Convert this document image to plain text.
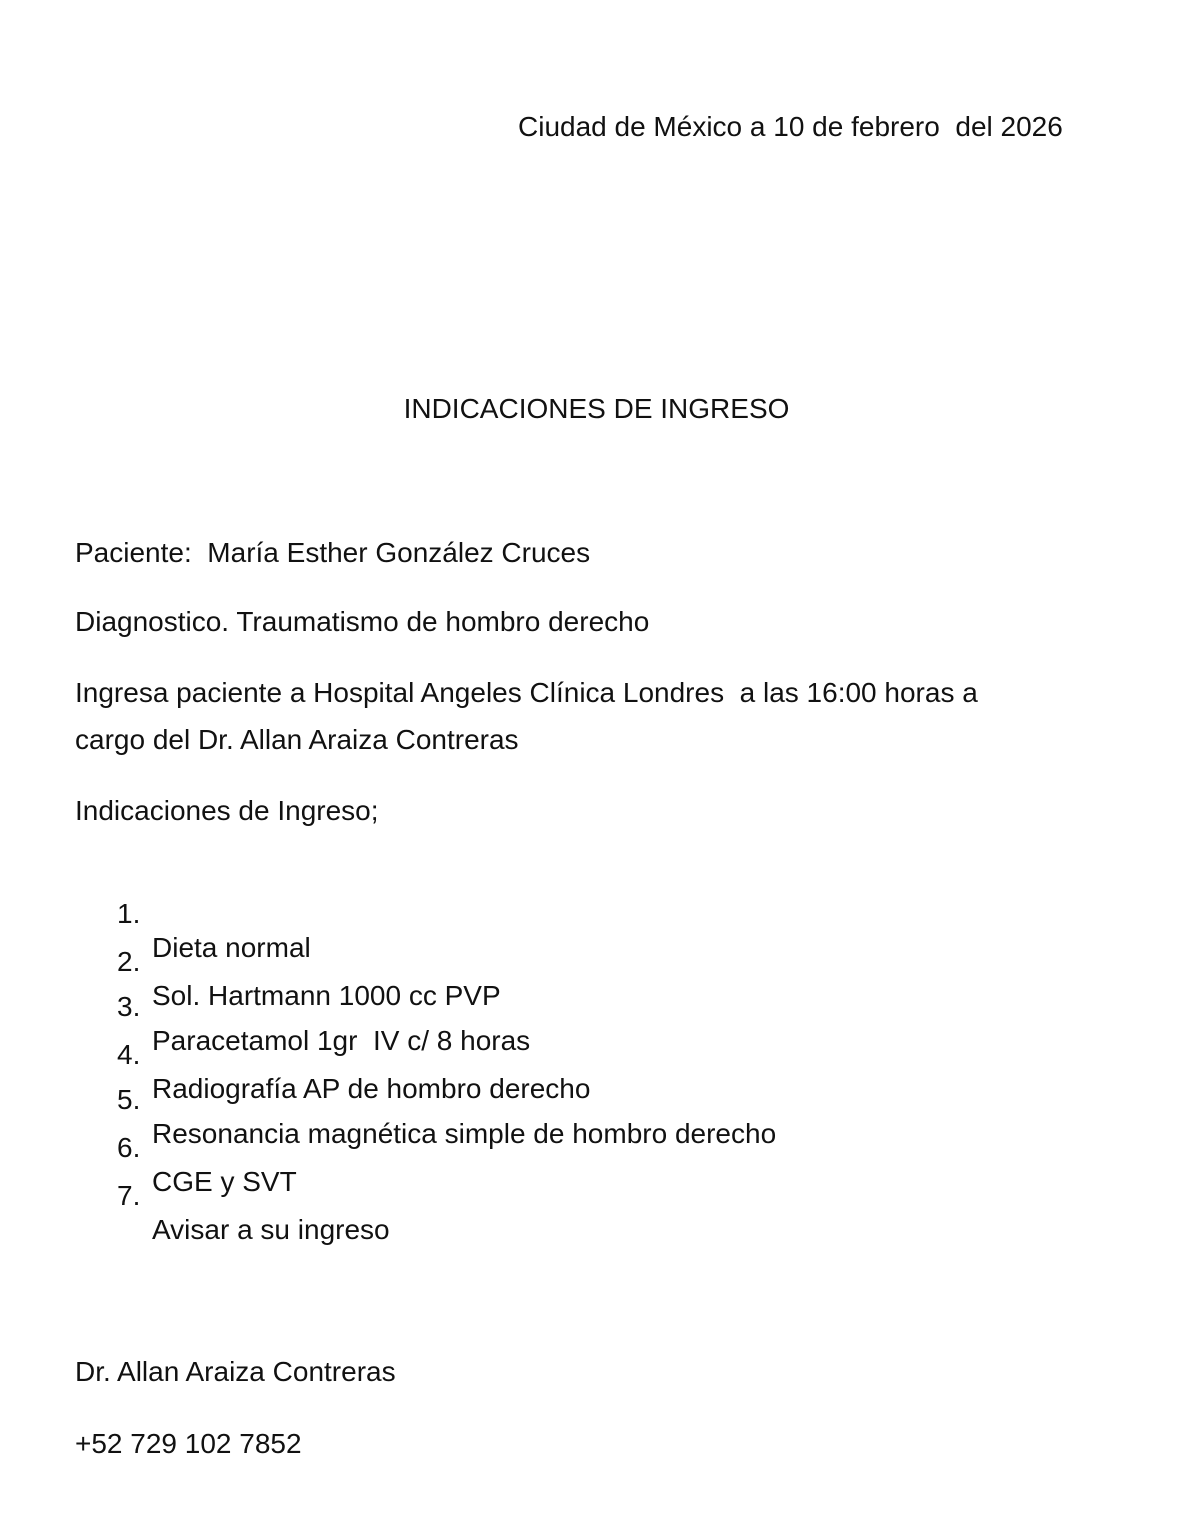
Ciudad de México a 10 de febrero  del 2026

INDICACIONES DE INGRESO

Paciente:  María Esther González Cruces

Diagnostico. Traumatismo de hombro derecho

Ingresa paciente a Hospital Angeles Clínica Londres  a las 16:00 horas a

cargo del Dr. Allan Araiza Contreras

Indicaciones de Ingreso;

1.

Dieta normal

2.

Sol. Hartmann 1000 cc PVP

3.

Paracetamol 1gr  IV c/ 8 horas

4.

Radiografía AP de hombro derecho

5.

Resonancia magnética simple de hombro derecho

6.

CGE y SVT

7.

Avisar a su ingreso

Dr. Allan Araiza Contreras

+52 729 102 7852
